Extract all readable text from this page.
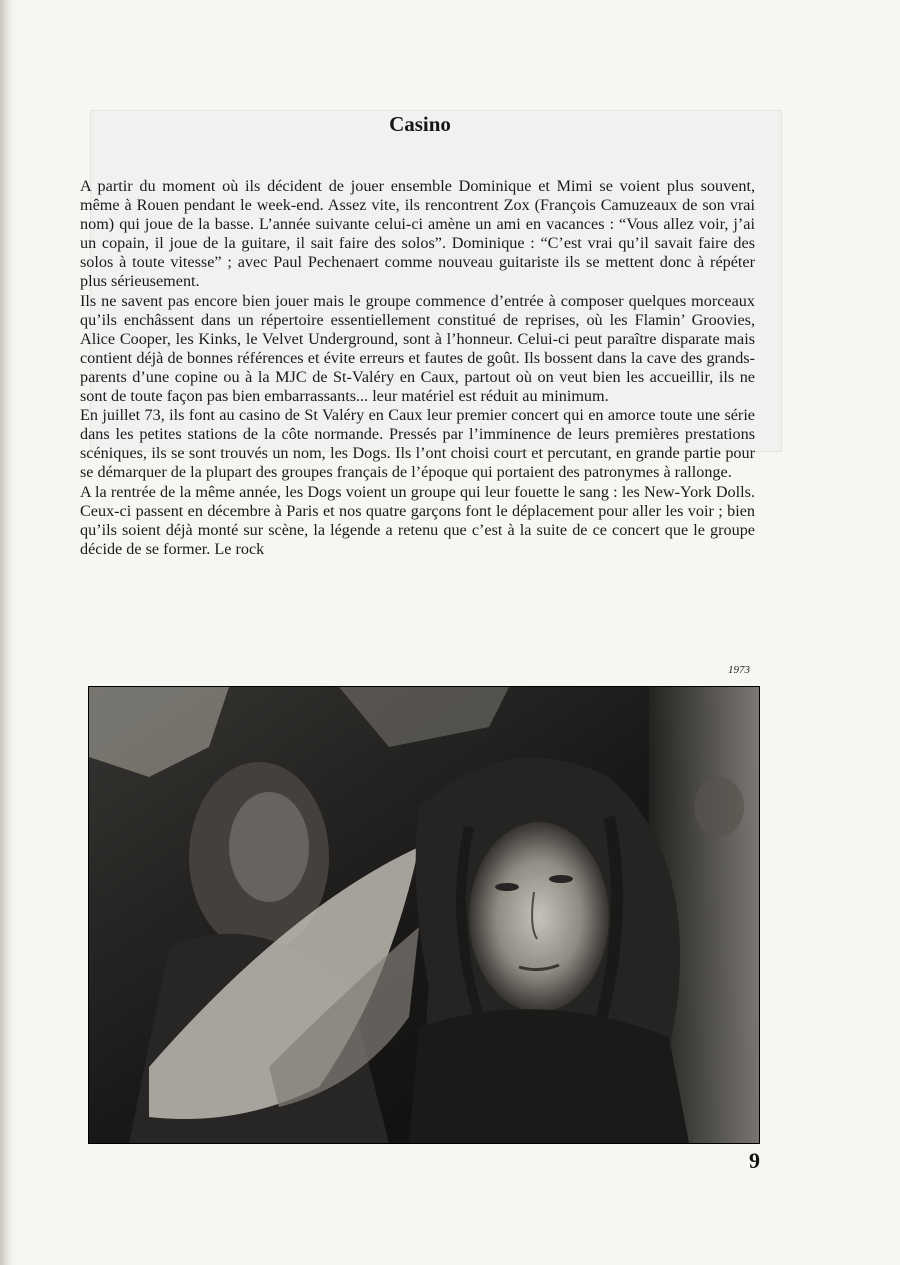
Casino

A partir du moment où ils décident de jouer ensemble Dominique et Mimi se voient plus souvent, même à Rouen pendant le week-end. Assez vite, ils rencontrent Zox (François Camuzeaux de son vrai nom) qui joue de la basse. L’année suivante celui-ci amène un ami en vacances : “Vous allez voir, j’ai un copain, il joue de la guitare, il sait faire des solos”. Dominique : “C’est vrai qu’il savait faire des solos à toute vitesse” ; avec Paul Pechenaert comme nouveau guitariste ils se mettent donc à répéter plus sérieusement.

Ils ne savent pas encore bien jouer mais le groupe commence d’entrée à composer quelques morceaux qu’ils enchâssent dans un répertoire essentiellement constitué de reprises, où les Flamin’ Groovies, Alice Cooper, les Kinks, le Velvet Underground, sont à l’honneur. Celui-ci peut paraître disparate mais contient déjà de bonnes références et évite erreurs et fautes de goût. Ils bossent dans la cave des grands-parents d’une copine ou à la MJC de St-Valéry en Caux, partout où on veut bien les accueillir, ils ne sont de toute façon pas bien embarrassants... leur matériel est réduit au minimum.

En juillet 73, ils font au casino de St Valéry en Caux leur premier concert qui en amorce toute une série dans les petites stations de la côte normande. Pressés par l’imminence de leurs premières prestations scéniques, ils se sont trouvés un nom, les Dogs. Ils l’ont choisi court et percutant, en grande partie pour se démarquer de la plupart des groupes français de l’époque qui portaient des patronymes à rallonge.

A la rentrée de la même année, les Dogs voient un groupe qui leur fouette le sang : les New-York Dolls. Ceux-ci passent en décembre à Paris et nos quatre garçons font le déplacement pour aller les voir ; bien qu’ils soient déjà monté sur scène, la légende a retenu que c’est à la suite de ce concert que le groupe décide de se former. Le rock

1973
9
